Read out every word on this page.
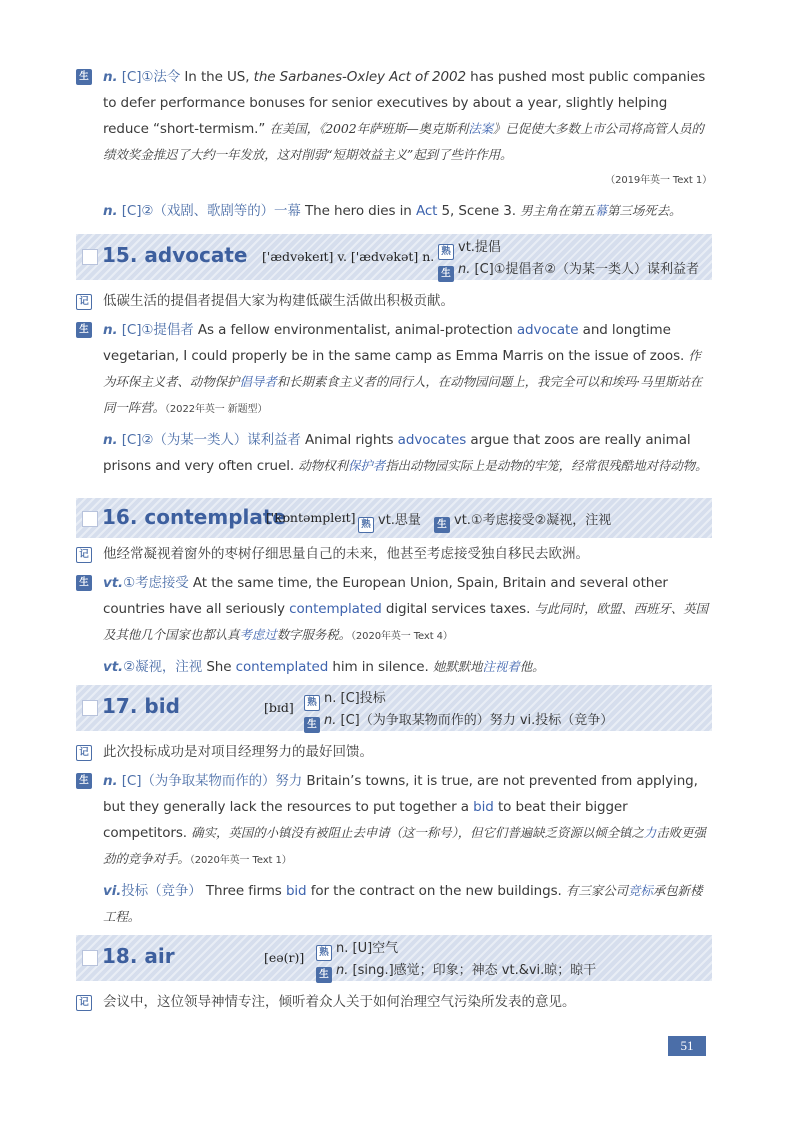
生 n. [C]①法令 In the US, the Sarbanes-Oxley Act of 2002 has pushed most public companies to defer performance bonuses for senior executives by about a year, slightly helping reduce “short-termism.” 在美国，《2002年萨班斯—奥克斯利法案》已促使大多数上市公司将高管人员的绩效奖金推迟了大约一年发放，这对削弱“短期效益主义”起到了些许作用。
（2019年英一 Text 1）
n. [C]②（戏剧、歌剧等的）一幕 The hero dies in Act 5, Scene 3. 男主角在第五幕第三场死去。
15. advocate ['ædvəkeɪt] v. ['ædvəkət] n. 熟 vt.提倡
生 n. [C]①提倡者②（为某一类人）谋利益者
记 低碳生活的提倡者提倡大家为构建低碳生活做出积极贡献。
生 n. [C]①提倡者 As a fellow environmentalist, animal-protection advocate and longtime vegetarian, I could properly be in the same camp as Emma Marris on the issue of zoos. 作为环保主义者、动物保护倡导者和长期素食主义者的同行人，在动物园问题上，我完全可以和埃玛·马里斯站在同一阵营。（2022年英一 新题型）
n. [C]②（为某一类人）谋利益者 Animal rights advocates argue that zoos are really animal prisons and very often cruel. 动物权利保护者指出动物园实际上是动物的牢笼，经常很残酷地对待动物。
16. contemplate
['kɒntəmpleɪt] 熟 vt.思量	生 vt.①考虑接受②凝视，注视
记 他经常凝视着窗外的枣树仔细思量自己的未来，他甚至考虑接受独自移民去欧洲。
生 vt.①考虑接受 At the same time, the European Union, Spain, Britain and several other countries have all seriously contemplated digital services taxes. 与此同时，欧盟、西班牙、英国及其他几个国家也都认真考虑过数字服务税。（2020年英一 Text 4）
vt.②凝视，注视 She contemplated him in silence. 她默默地注视着他。
17. bid	[bɪd]	熟 n. [C]投标
生 n. [C]（为争取某物而作的）努力 vi.投标（竞争）
记 此次投标成功是对项目经理努力的最好回馈。
生 n. [C]（为争取某物而作的）努力 Britain’s towns, it is true, are not prevented from applying, but they generally lack the resources to put together a bid to beat their bigger competitors. 确实，英国的小镇没有被阻止去申请（这一称号），但它们普遍缺乏资源以倾全镇之力击败更强劲的竞争对手。（2020年英一 Text 1）
vi.投标（竞争） Three firms bid for the contract on the new buildings. 有三家公司竞标承包新楼工程。
18. air	[eə(r)]	熟 n. [U]空气
生 n. [sing.]感觉；印象；神态 vt.&vi.晾；晾干
记 会议中，这位领导神情专注，倾听着众人关于如何治理空气污染所发表的意见。
51
